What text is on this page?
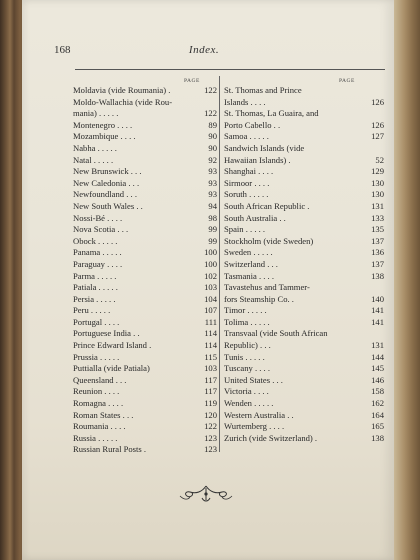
168	Index.
PAGE	PAGE
Moldavia (vide Roumania) .	122
Moldo-Wallachia (vide Rou-
mania) . . . . .	122
Montenegro . . . .	89
Mozambique . . . .	90
Nabha . . . . .	90
Natal . . . . .	92
New Brunswick . . .	93
New Caledonia . . .	93
Newfoundland . . .	93
New South Wales . .	94
Nossi-Bé . . . .	98
Nova Scotia . . .	99
Obock . . . . .	99
Panama . . . . .	100
Paraguay . . . .	100
Parma . . . . .	102
Patiala . . . . .	103
Persia . . . . .	104
Peru . . . . .	107
Portugal . . . .	111
Portuguese India . .	114
Prince Edward Island .	114
Prussia . . . . .	115
Puttialla (vide Patiala)	103
Queensland . . .	117
Reunion . . . .	117
Romagna . . . .	119
Roman States . . .	120
Roumania . . . .	122
Russia . . . . .	123
Russian Rural Posts .	123
St. Thomas and Prince
Islands . . . .	126
St. Thomas, La Guaira, and
Porto Cabello . .	126
Samoa . . . . .	127
Sandwich Islands (vide
Hawaiian Islands) .	52
Shanghai . . . .	129
Sirmoor . . . .	130
Soruth . . . . .	130
South African Republic .	131
South Australia . .	133
Spain . . . . .	135
Stockholm (vide Sweden)	137
Sweden . . . . .	136
Switzerland . . .	137
Tasmania . . . .	138
Tavastehus and Tammer-
fors Steamship Co. .	140
Timor . . . . .	141
Tolima . . . . .	141
Transvaal (vide South African
Republic) . . .	131
Tunis . . . . .	144
Tuscany . . . .	145
United States . . .	146
Victoria . . . .	158
Wenden . . . . .	162
Western Australia . .	164
Wurtemberg . . . .	165
Zurich (vide Switzerland) .	138
